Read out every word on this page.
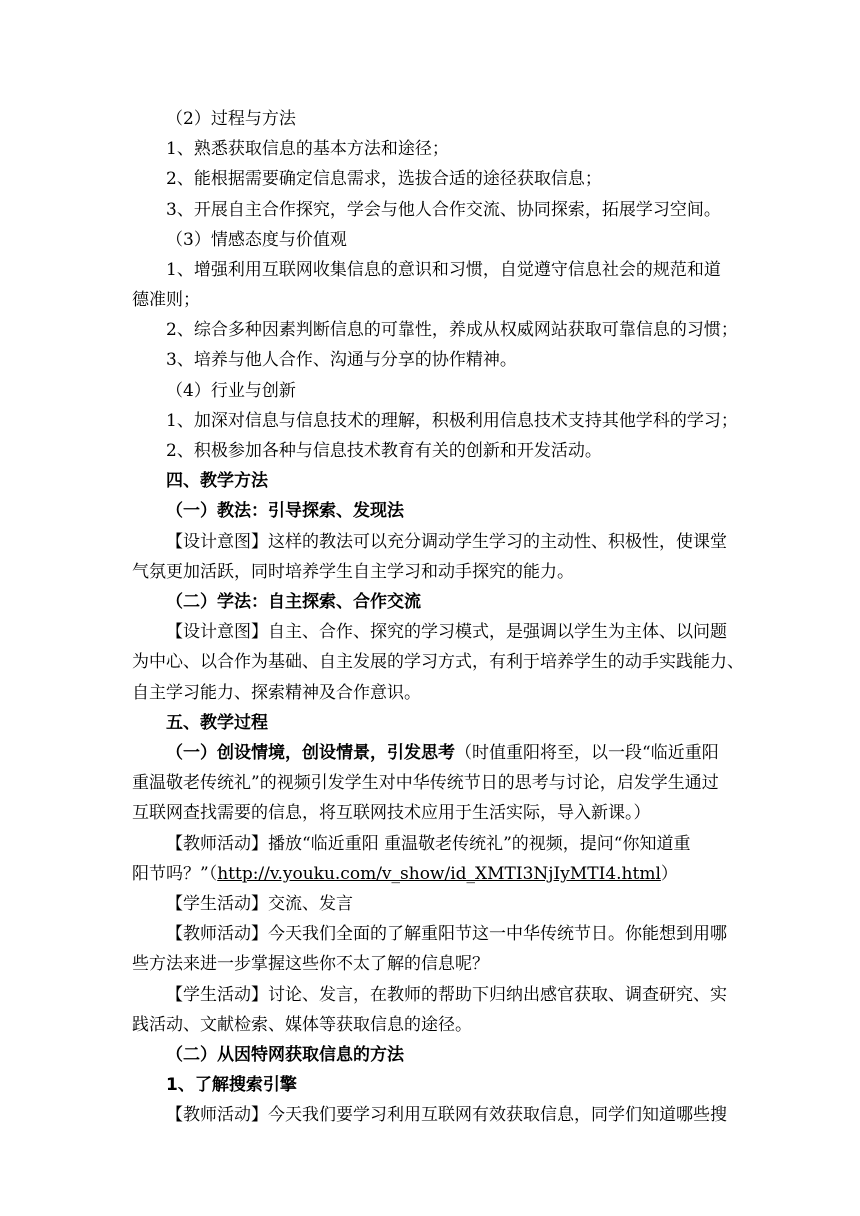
（2）过程与方法
1、熟悉获取信息的基本方法和途径；
2、能根据需要确定信息需求，选拔合适的途径获取信息；
3、开展自主合作探究，学会与他人合作交流、协同探索，拓展学习空间。
（3）情感态度与价值观
1、增强利用互联网收集信息的意识和习惯，自觉遵守信息社会的规范和道
德准则；
2、综合多种因素判断信息的可靠性，养成从权威网站获取可靠信息的习惯；
3、培养与他人合作、沟通与分享的协作精神。
（4）行业与创新
1、加深对信息与信息技术的理解，积极利用信息技术支持其他学科的学习；
2、积极参加各种与信息技术教育有关的创新和开发活动。
四、教学方法
（一）教法：引导探索、发现法
【设计意图】这样的教法可以充分调动学生学习的主动性、积极性，使课堂
气氛更加活跃，同时培养学生自主学习和动手探究的能力。
（二）学法：自主探索、合作交流
【设计意图】自主、合作、探究的学习模式，是强调以学生为主体、以问题
为中心、以合作为基础、自主发展的学习方式，有利于培养学生的动手实践能力、
自主学习能力、探索精神及合作意识。
五、教学过程
（一）创设情境，创设情景，引发思考（时值重阳将至，以一段“临近重阳
重温敬老传统礼”的视频引发学生对中华传统节日的思考与讨论，启发学生通过
互联网查找需要的信息，将互联网技术应用于生活实际，导入新课。）
【教师活动】播放“临近重阳 重温敬老传统礼”的视频，提问“你知道重
阳节吗？”（http://v.youku.com/v_show/id_XMTI3NjIyMTI4.html）
【学生活动】交流、发言
【教师活动】今天我们全面的了解重阳节这一中华传统节日。你能想到用哪
些方法来进一步掌握这些你不太了解的信息呢？
【学生活动】讨论、发言，在教师的帮助下归纳出感官获取、调查研究、实
践活动、文献检索、媒体等获取信息的途径。
（二）从因特网获取信息的方法
1、了解搜索引擎
【教师活动】今天我们要学习利用互联网有效获取信息，同学们知道哪些搜
